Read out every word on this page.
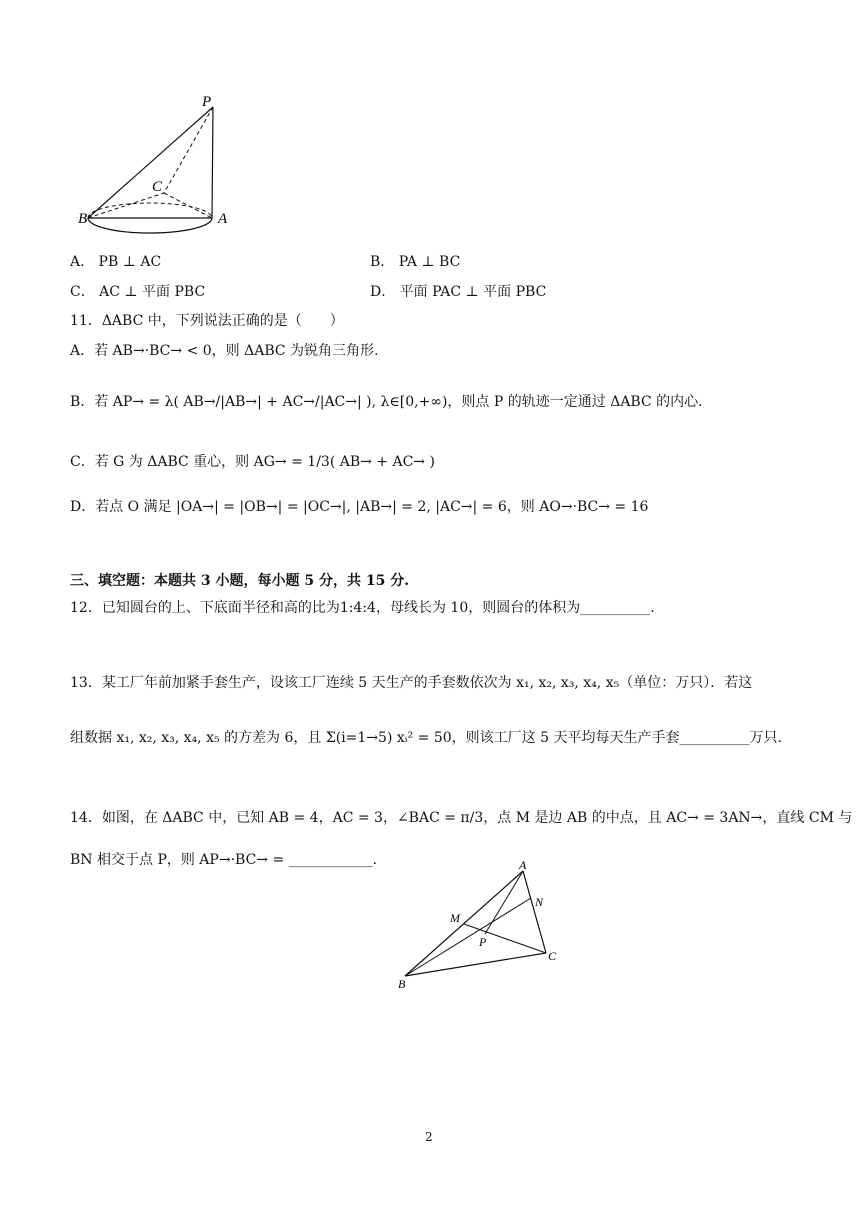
P
C
B	A
A． PB ⊥ AC	B． PA ⊥ BC
C． AC ⊥ 平面 PBC	D． 平面 PAC ⊥ 平面 PBC
11．ΔABC 中，下列说法正确的是（　　）
A．若 AB→·BC→ < 0，则 ΔABC 为锐角三角形.
B．若 AP→ = λ( AB→/|AB→| + AC→/|AC→| ), λ∈[0,+∞)，则点 P 的轨迹一定通过 ΔABC 的内心.
C．若 G 为 ΔABC 重心，则 AG→ = 1/3( AB→ + AC→ )
D．若点 O 满足 |OA→| = |OB→| = |OC→|, |AB→| = 2, |AC→| = 6，则 AO→·BC→ = 16
三、填空题：本题共 3 小题，每小题 5 分，共 15 分.
12．已知圆台的上、下底面半径和高的比为1:4:4，母线长为 10，则圆台的体积为__________.
13．某工厂年前加紧手套生产，设该工厂连续 5 天生产的手套数依次为 x₁, x₂, x₃, x₄, x₅（单位：万只）．若这
组数据 x₁, x₂, x₃, x₄, x₅ 的方差为 6，且 Σ(i=1→5) xᵢ² = 50，则该工厂这 5 天平均每天生产手套__________万只.
14．如图，在 ΔABC 中，已知 AB = 4，AC = 3，∠BAC = π/3，点 M 是边 AB 的中点，且 AC→ = 3AN→，直线 CM 与
BN 相交于点 P，则 AP→·BC→ = ____________.	A
N
M
P
C
B
2
